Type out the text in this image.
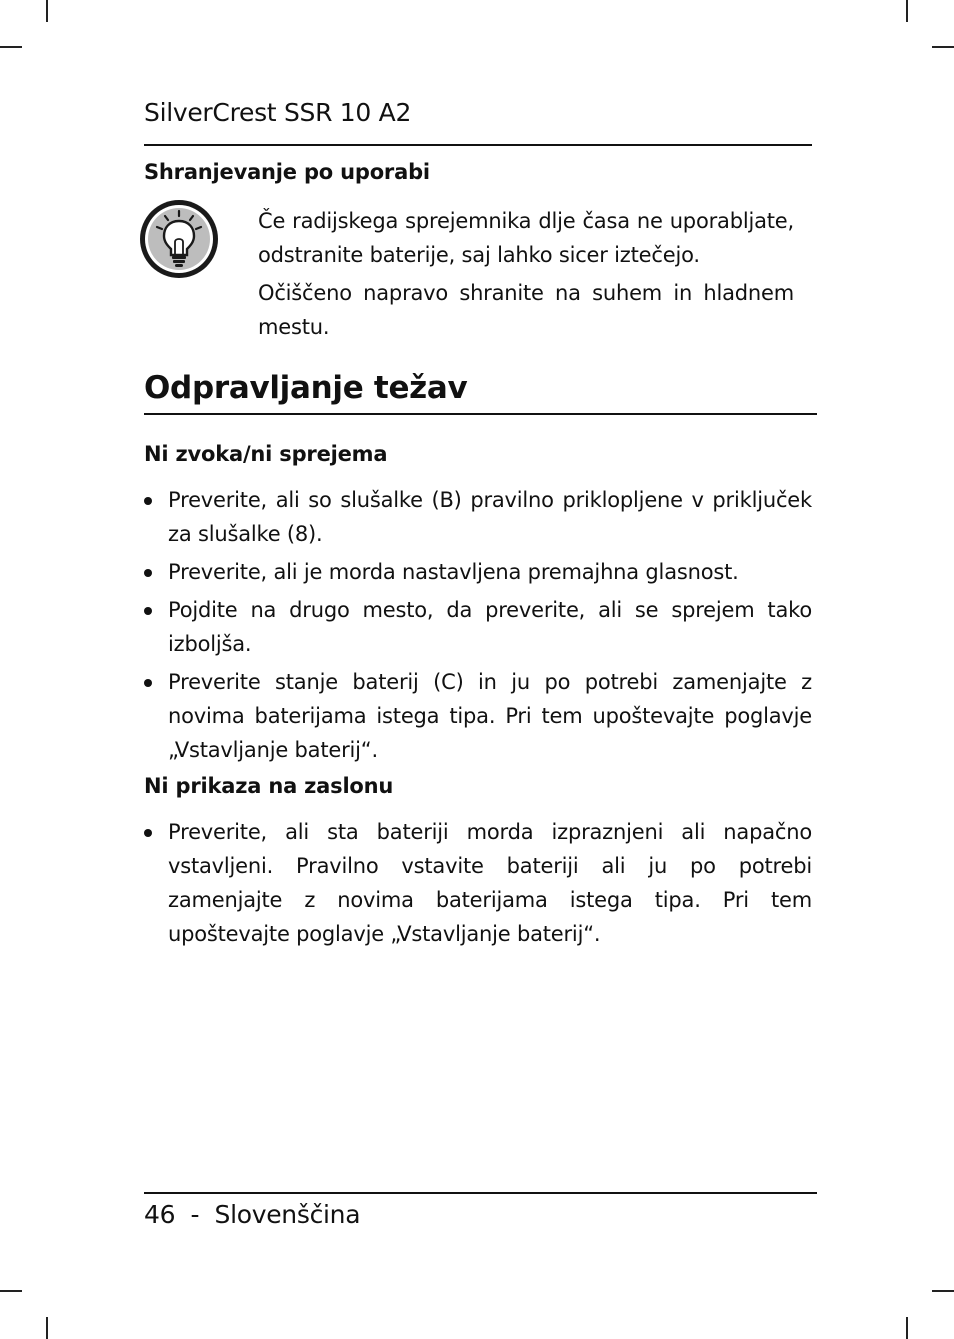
SilverCrest SSR 10 A2
Shranjevanje po uporabi

Če radijskega sprejemnika dlje časa ne uporabljate, odstranite baterije, saj lahko sicer iztečejo.

Očiščeno napravo shranite na suhem in hladnem mestu.

Odpravljanje težav
Ni zvoka/ni sprejema
Preverite, ali so slušalke (B) pravilno priklopljene v priključek za slušalke (8).
Preverite, ali je morda nastavljena premajhna glasnost.
Pojdite na drugo mesto, da preverite, ali se sprejem tako izboljša.
Preverite stanje baterij (C) in ju po potrebi zamenjajte z novima baterijama istega tipa. Pri tem upoštevajte poglavje „Vstavljanje baterij“.
Ni prikaza na zaslonu
Preverite, ali sta bateriji morda izpraznjeni ali napačno vstavljeni. Pravilno vstavite bateriji ali ju po potrebi zamenjajte z novima baterijama istega tipa. Pri tem upoštevajte poglavje „Vstavljanje baterij“.
46  -  Slovenščina
